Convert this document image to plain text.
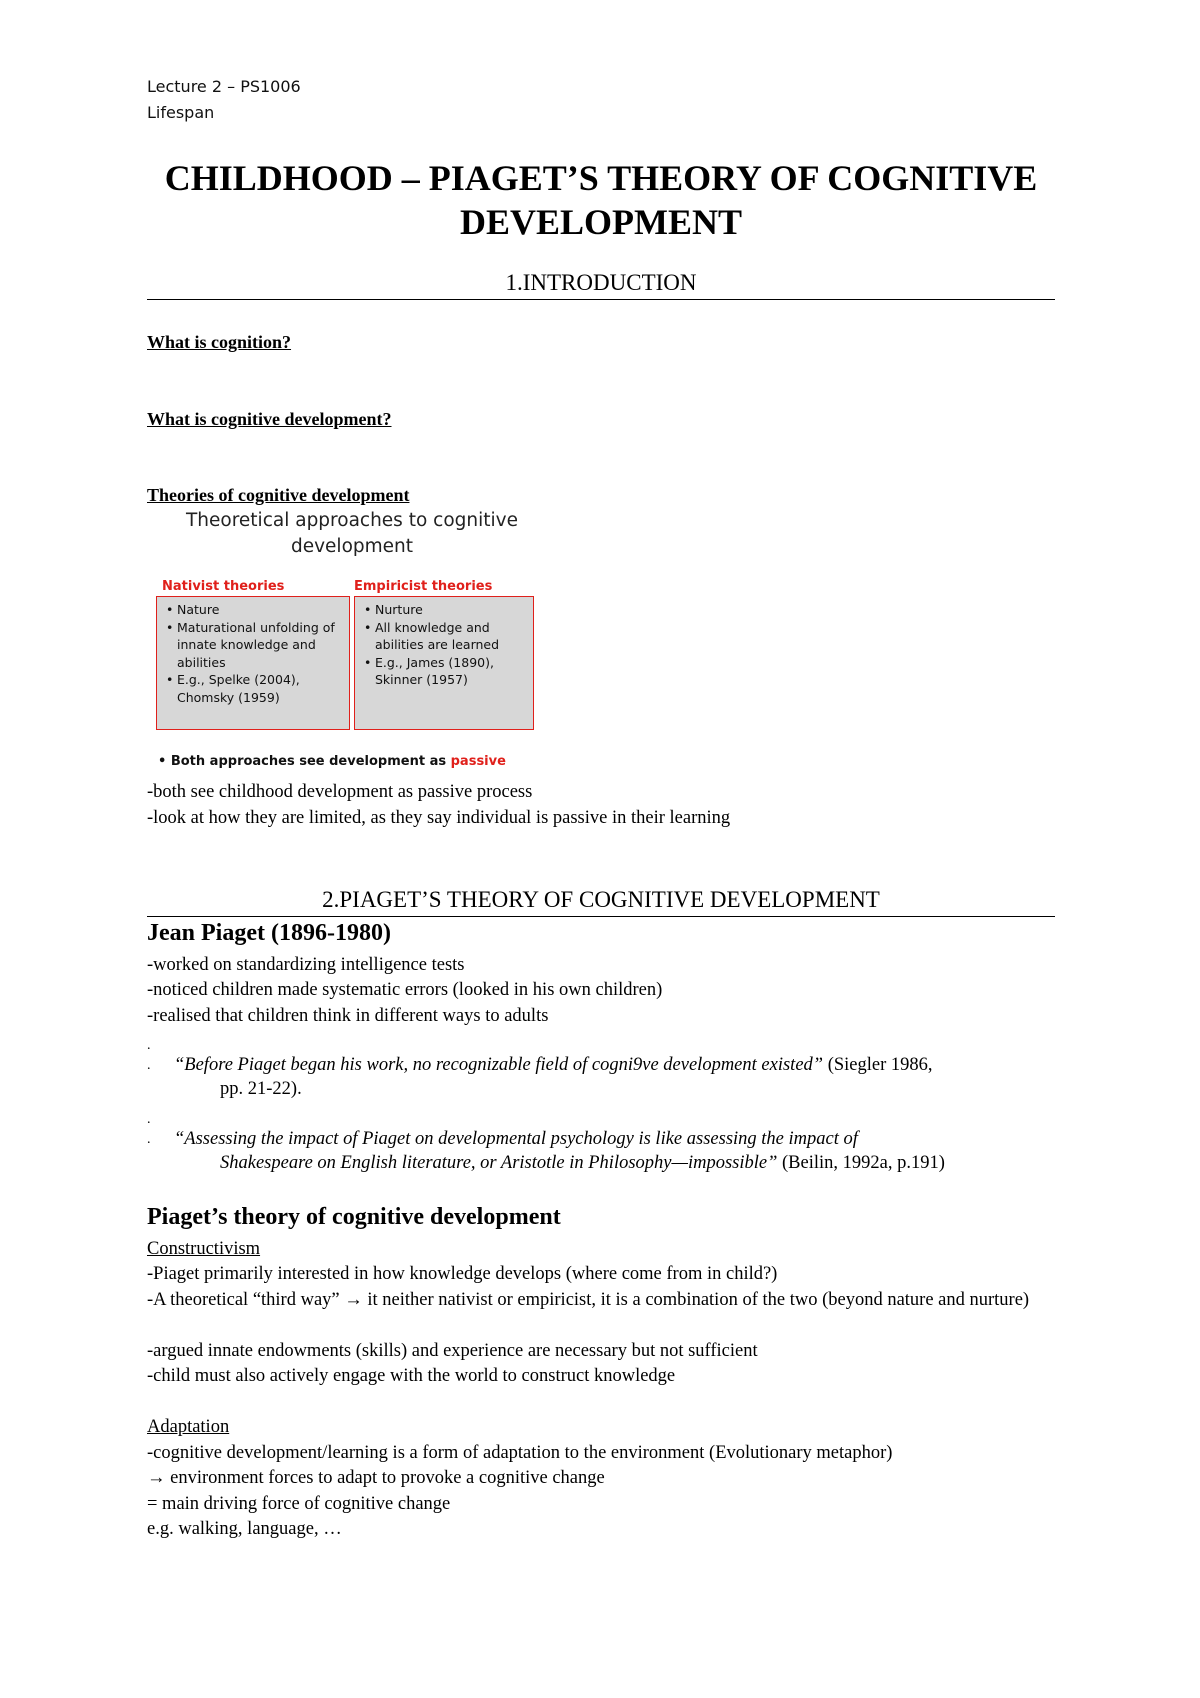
Lecture 2 – PS1006
Lifespan
CHILDHOOD – PIAGET’S THEORY OF COGNITIVE
DEVELOPMENT
1.INTRODUCTION
What is cognition?
What is cognitive development?
Theories of cognitive development
Theoretical approaches to cognitive
development
Nativist theories	Empiricist theories
• Nature
• Maturational unfolding of innate knowledge and abilities
• E.g., Spelke (2004), Chomsky (1959)
• Nurture
• All knowledge and abilities are learned
• E.g., James (1890), Skinner (1957)
• Both approaches see development as passive
-both see childhood development as passive process
-look at how they are limited, as they say individual is passive in their learning
2.PIAGET’S THEORY OF COGNITIVE DEVELOPMENT
Jean Piaget (1896-1980)
-worked on standardizing intelligence tests
-noticed children made systematic errors (looked in his own children)
-realised that children think in different ways to adults
.
. “Before Piaget began his work, no recognizable field of cogni9ve development existed” (Siegler 1986,
pp. 21-22).
.
. “Assessing the impact of Piaget on developmental psychology is like assessing the impact of
Shakespeare on English literature, or Aristotle in Philosophy—impossible” (Beilin, 1992a, p.191)
Piaget’s theory of cognitive development
Constructivism
-Piaget primarily interested in how knowledge develops (where come from in child?)
-A theoretical “third way” → it neither nativist or empiricist, it is a combination of the two (beyond nature and nurture)
-argued innate endowments (skills) and experience are necessary but not sufficient
-child must also actively engage with the world to construct knowledge
Adaptation
-cognitive development/learning is a form of adaptation to the environment (Evolutionary metaphor)
→ environment forces to adapt to provoke a cognitive change
= main driving force of cognitive change
e.g. walking, language, …
